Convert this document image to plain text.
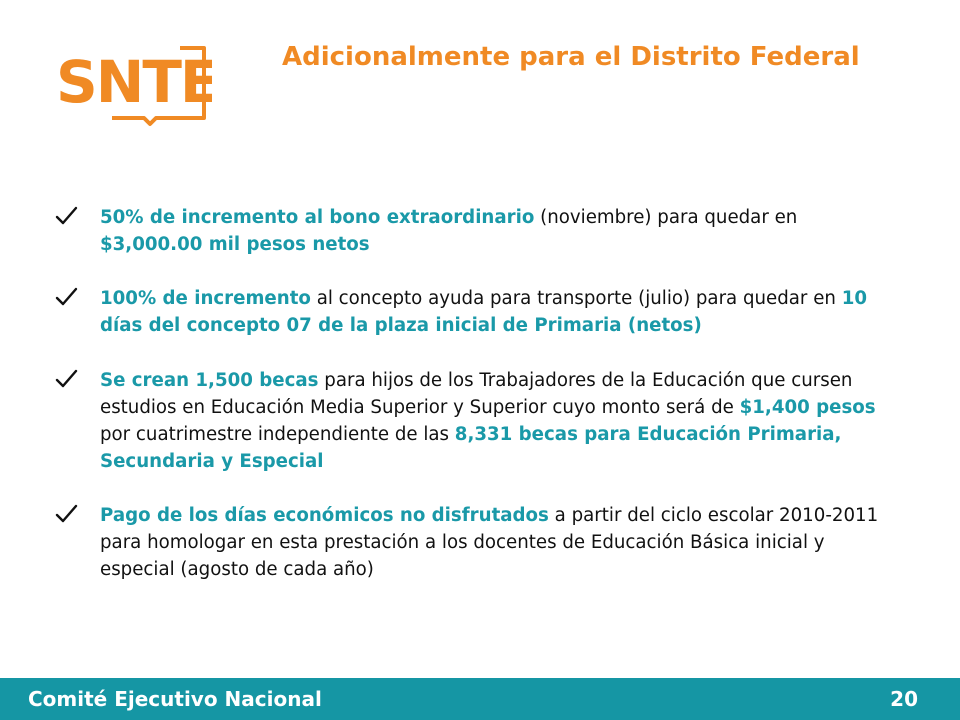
SNTE Adicionalmente para el Distrito Federal
50% de incremento al bono extraordinario (noviembre) para quedar en $3,000.00 mil pesos netos
100% de incremento al concepto ayuda para transporte (julio) para quedar en 10 días del concepto 07 de la plaza inicial de Primaria (netos)
Se crean 1,500 becas para hijos de los Trabajadores de la Educación que cursen estudios en Educación Media Superior y Superior cuyo monto será de $1,400 pesos por cuatrimestre independiente de las 8,331 becas para Educación Primaria, Secundaria y Especial
Pago de los días económicos no disfrutados a partir del ciclo escolar 2010-2011 para homologar en esta prestación a los docentes de Educación Básica inicial y especial (agosto de cada año)
Comité Ejecutivo Nacional	20
